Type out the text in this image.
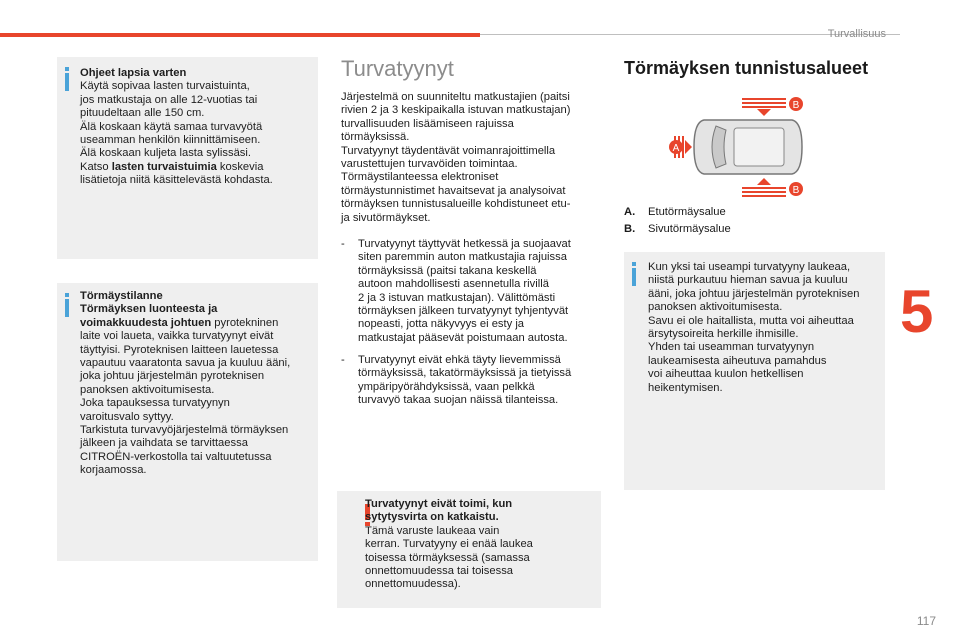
Turvallisuus
5
Ohjeet lapsia varten
Käytä sopivaa lasten turvaistuinta,
jos matkustaja on alle 12-vuotias tai
pituudeltaan alle 150 cm.
Älä koskaan käytä samaa turvavyötä
useamman henkilön kiinnittämiseen.
Älä koskaan kuljeta lasta sylissäsi.
Katso lasten turvaistuimia koskevia
lisätietoja niitä käsittelevästä kohdasta.
Törmäystilanne
Törmäyksen luonteesta ja
voimakkuudesta johtuen pyrotekninen
laite voi laueta, vaikka turvatyynyt eivät
täyttyisi. Pyroteknisen laitteen lauetessa
vapautuu vaaratonta savua ja kuuluu ääni,
joka johtuu järjestelmän pyroteknisen
panoksen aktivoitumisesta.
Joka tapauksessa turvatyynyn
varoitusvalo syttyy.
Tarkistuta turvavyöjärjestelmä törmäyksen
jälkeen ja vaihdata se tarvittaessa
CITROËN-verkostolla tai valtuutetussa
korjaamossa.
Turvatyynyt
Järjestelmä on suunniteltu matkustajien (paitsi
rivien 2 ja 3 keskipaikalla istuvan matkustajan)
turvallisuuden lisäämiseen rajuissa
törmäyksissä.
Turvatyynyt täydentävät voimanrajoittimella
varustettujen turvavöiden toimintaa.
Törmäystilanteessa elektroniset
törmäystunnistimet havaitsevat ja analysoivat
törmäyksen tunnistusalueille kohdistuneet etu-
ja sivutörmäykset.
- Turvatyynyt täyttyvät hetkessä ja suojaavat
siten paremmin auton matkustajia rajuissa
törmäyksissä (paitsi takana keskellä
autoon mahdollisesti asennetulla rivillä
2 ja 3 istuvan matkustajan). Välittömästi
törmäyksen jälkeen turvatyynyt tyhjentyvät
nopeasti, jotta näkyvyys ei esty ja
matkustajat pääsevät poistumaan autosta.
- Turvatyynyt eivät ehkä täyty lievemmissä
törmäyksissä, takatörmäyksissä ja tietyissä
ympäripyörähdyksissä, vaan pelkkä
turvavyö takaa suojan näissä tilanteissa.
Turvatyynyt eivät toimi, kun
sytytysvirta on katkaistu.
Tämä varuste laukeaa vain
kerran. Turvatyyny ei enää laukea
toisessa törmäyksessä (samassa
onnettomuudessa tai toisessa
onnettomuudessa).
Törmäyksen tunnistusalueet
B
B
A
A. Etutörmäysalue
B. Sivutörmäysalue
Kun yksi tai useampi turvatyyny laukeaa,
niistä purkautuu hieman savua ja kuuluu
ääni, joka johtuu järjestelmän pyroteknisen
panoksen aktivoitumisesta.
Savu ei ole haitallista, mutta voi aiheuttaa
ärsytysoireita herkille ihmisille.
Yhden tai useamman turvatyynyn
laukeamisesta aiheutuva pamahdus
voi aiheuttaa kuulon hetkellisen
heikentymisen.
117
